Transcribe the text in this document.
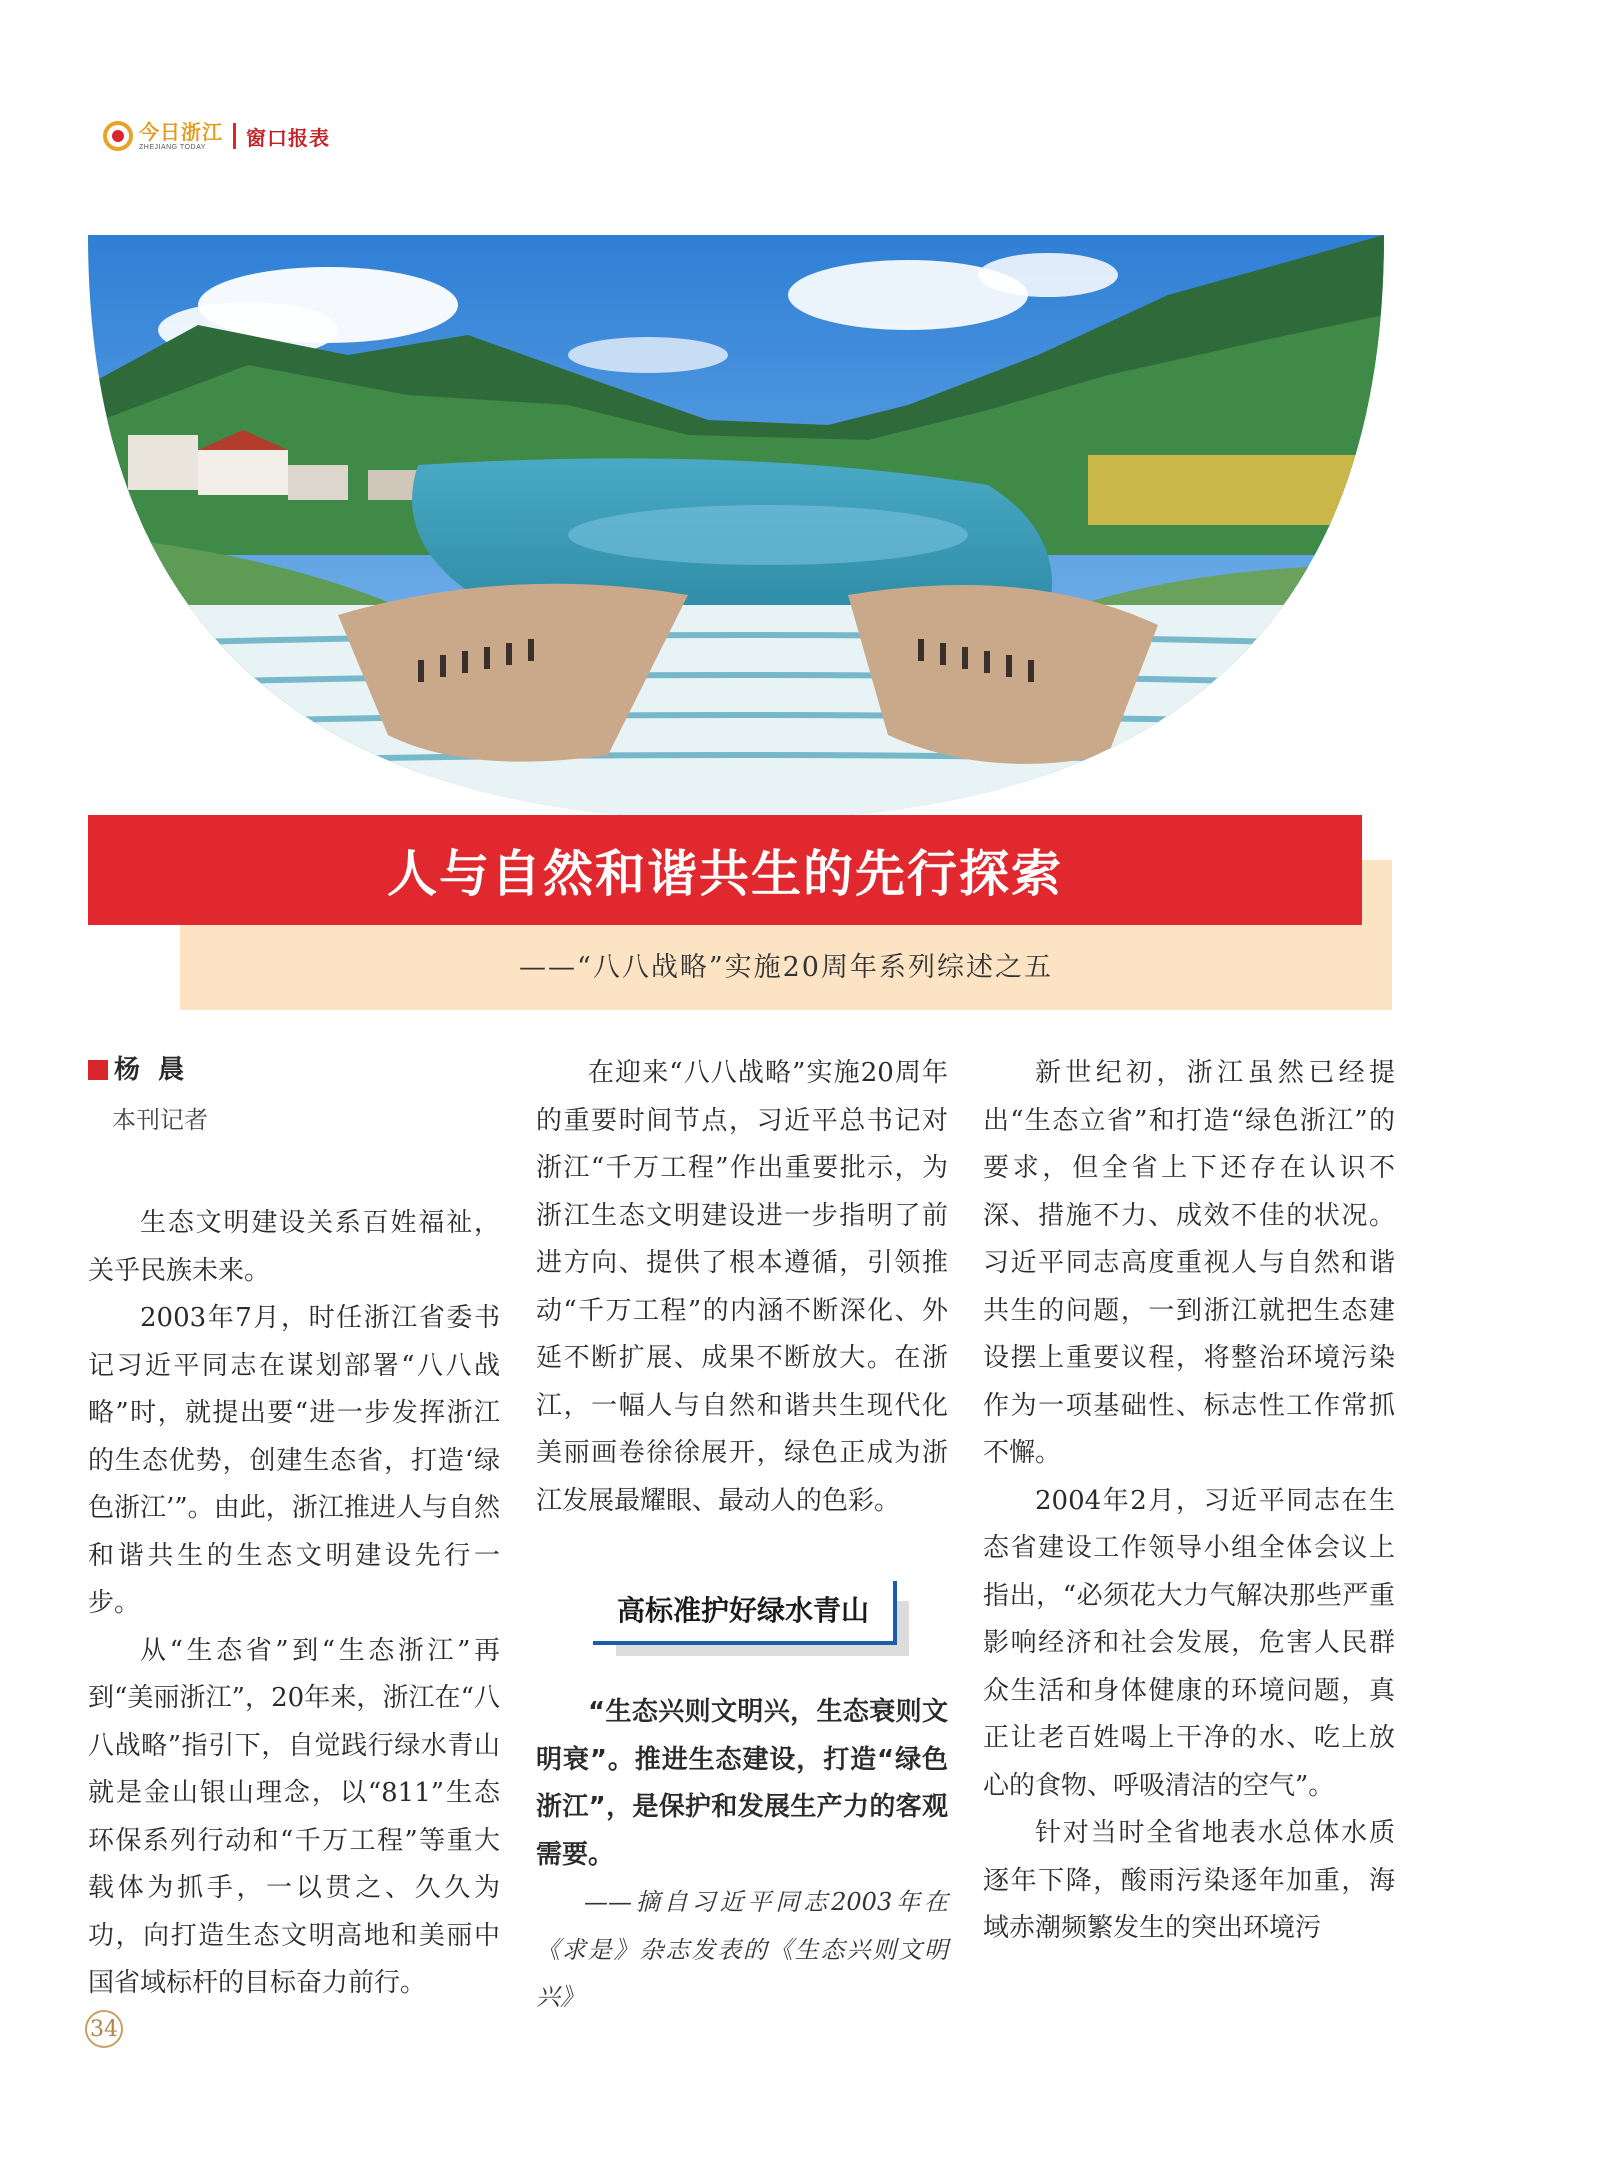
今日浙江
ZHEJIANG TODAY	窗口报表
人与自然和谐共生的先行探索
——“八八战略”实施20周年系列综述之五
杨  晨
本刊记者

生态文明建设关系百姓福祉，关乎民族未来。

2003年7月，时任浙江省委书记习近平同志在谋划部署“八八战略”时，就提出要“进一步发挥浙江的生态优势，创建生态省，打造‘绿色浙江’”。由此，浙江推进人与自然和谐共生的生态文明建设先行一步。

从“生态省”到“生态浙江”再到“美丽浙江”，20年来，浙江在“八八战略”指引下，自觉践行绿水青山就是金山银山理念，以“811”生态环保系列行动和“千万工程”等重大载体为抓手，一以贯之、久久为功，向打造生态文明高地和美丽中国省域标杆的目标奋力前行。

在迎来“八八战略”实施20周年的重要时间节点，习近平总书记对浙江“千万工程”作出重要批示，为浙江生态文明建设进一步指明了前进方向、提供了根本遵循，引领推动“千万工程”的内涵不断深化、外延不断扩展、成果不断放大。在浙江，一幅人与自然和谐共生现代化美丽画卷徐徐展开，绿色正成为浙江发展最耀眼、最动人的色彩。

高标准护好绿水青山

“生态兴则文明兴，生态衰则文明衰”。推进生态建设，打造“绿色浙江”，是保护和发展生产力的客观需要。

——摘自习近平同志2003年在《求是》杂志发表的《生态兴则文明兴》

新世纪初，浙江虽然已经提出“生态立省”和打造“绿色浙江”的要求，但全省上下还存在认识不深、措施不力、成效不佳的状况。习近平同志高度重视人与自然和谐共生的问题，一到浙江就把生态建设摆上重要议程，将整治环境污染作为一项基础性、标志性工作常抓不懈。

2004年2月，习近平同志在生态省建设工作领导小组全体会议上指出，“必须花大力气解决那些严重影响经济和社会发展，危害人民群众生活和身体健康的环境问题，真正让老百姓喝上干净的水、吃上放心的食物、呼吸清洁的空气”。

针对当时全省地表水总体水质逐年下降，酸雨污染逐年加重，海域赤潮频繁发生的突出环境污

34
